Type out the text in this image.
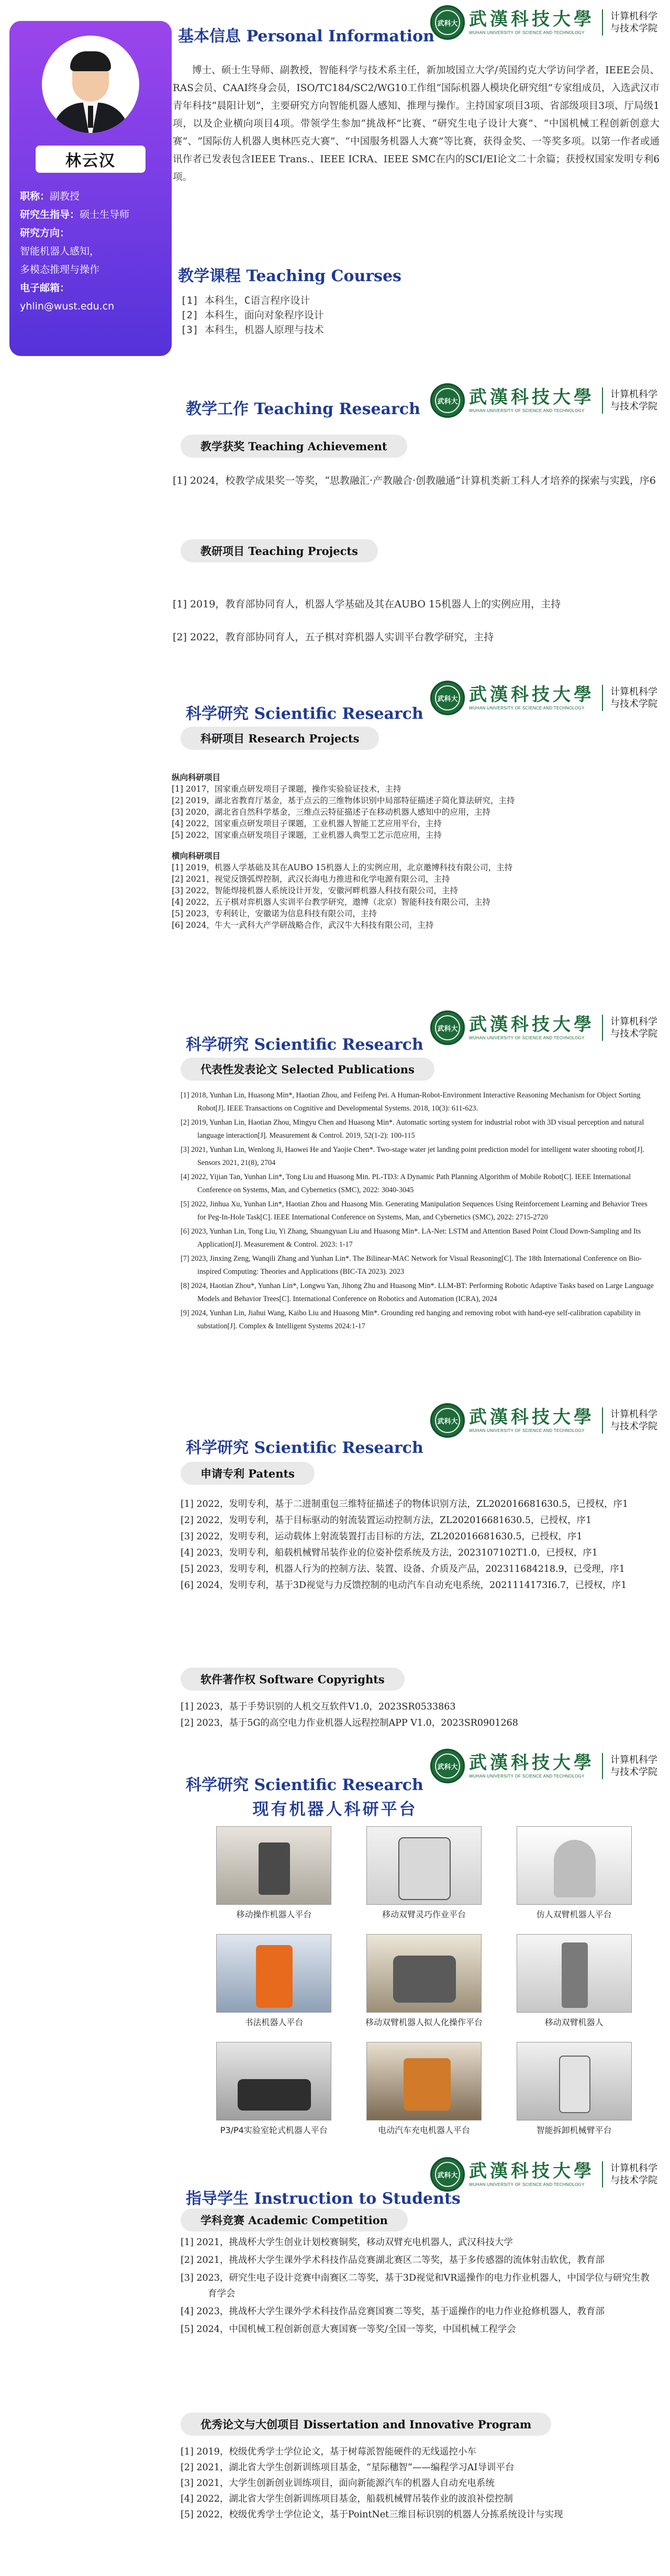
林云汉
职称：副教授
研究生指导：硕士生导师
研究方向：
智能机器人感知，
多模态推理与操作
电子邮箱：
yhlin@wust.edu.cn
武科大 武漢科技大學
WUHAN UNIVERSITY OF SCIENCE AND TECHNOLOGY
计算机科学
与技术学院
基本信息 Personal Information
博士、硕士生导师、副教授，智能科学与技术系主任，新加坡国立大学/英国约克大学访问学者，IEEE会员、RAS会员、CAAI终身会员，ISO/TC184/SC2/WG10工作组“国际机器人模块化研究组”专家组成员，入选武汉市青年科技“晨阳计划”，主要研究方向智能机器人感知、推理与操作。主持国家项目3项、省部级项目3项、厅局级1项，以及企业横向项目4项。带领学生参加“挑战杯”比赛、“研究生电子设计大赛”、“中国机械工程创新创意大赛”、“国际仿人机器人奥林匹克大赛”、“中国服务机器人大赛”等比赛，获得金奖、一等奖多项。以第一作者或通讯作者已发表包含IEEE Trans.、IEEE ICRA、IEEE SMC在内的SCI/EI论文二十余篇；获授权国家发明专利6项。
教学课程 Teaching Courses
[1] 本科生，C语言程序设计
[2] 本科生，面向对象程序设计
[3] 本科生，机器人原理与技术
武科大 武漢科技大學
WUHAN UNIVERSITY OF SCIENCE AND TECHNOLOGY
计算机科学
与技术学院
教学工作 Teaching Research
教学获奖 Teaching Achievement
[1] 2024，校教学成果奖一等奖，“思教融汇·产教融合·创教融通”计算机类新工科人才培养的探索与实践，序6
教研项目 Teaching Projects
[1] 2019，教育部协同育人，机器人学基础及其在AUBO 15机器人上的实例应用，主持
[2] 2022，教育部协同育人，五子棋对弈机器人实训平台教学研究，主持
武科大 武漢科技大學
WUHAN UNIVERSITY OF SCIENCE AND TECHNOLOGY
计算机科学
与技术学院
科学研究 Scientific Research
科研项目 Research Projects
纵向科研项目
[1] 2017，国家重点研发项目子课题，操作实验验证技术，主持
[2] 2019，湖北省教育厅基金，基于点云的三维物体识别中局部特征描述子简化算法研究，主持
[3] 2020，湖北省自然科学基金，三维点云特征描述子在移动机器人感知中的应用，主持
[4] 2022，国家重点研发项目子课题，工业机器人智能工艺应用平台，主持
[5] 2022，国家重点研发项目子课题，工业机器人典型工艺示范应用，主持
横向科研项目
[1] 2019，机器人学基础及其在AUBO 15机器人上的实例应用，北京邀博科技有限公司，主持
[2] 2021，视觉反馈弧焊控制，武汉长海电力推进和化学电源有限公司，主持
[3] 2022，智能焊接机器人系统设计开发，安徽河畔机器人科技有限公司，主持
[4] 2022，五子棋对弈机器人实训平台教学研究，遨博（北京）智能科技有限公司，主持
[5] 2023，专利转让，安徽诺为信息科技有限公司，主持
[6] 2024，牛大一武科大产学研战略合作，武汉牛大科技有限公司，主持
武科大 武漢科技大學
WUHAN UNIVERSITY OF SCIENCE AND TECHNOLOGY
计算机科学
与技术学院
科学研究 Scientific Research
代表性发表论文 Selected Publications
[1] 2018, Yunhan Lin, Huasong Min*, Haotian Zhou, and Feifeng Pei. A Human-Robot-Environment Interactive Reasoning Mechanism for Object Sorting Robot[J]. IEEE Transactions on Cognitive and Developmental Systems. 2018, 10(3): 611-623.
[2] 2019, Yunhan Lin, Haotian Zhou, Mingyu Chen and Huasong Min*. Automatic sorting system for industrial robot with 3D visual perception and natural language interaction[J]. Measurement & Control. 2019, 52(1-2): 100-115
[3] 2021, Yunhan Lin, Wenlong Ji, Haowei He and Yaojie Chen*. Two-stage water jet landing point prediction model for intelligent water shooting robot[J]. Sensors 2021, 21(8), 2704
[4] 2022, Yijian Tan, Yunhan Lin*, Tong Liu and Huasong Min. PL-TD3: A Dynamic Path Planning Algorithm of Mobile Robot[C]. IEEE International Conference on Systems, Man, and Cybernetics (SMC), 2022: 3040-3045
[5] 2022, Jinhua Xu, Yunhan Lin*, Haotian Zhou and Huasong Min. Generating Manipulation Sequences Using Reinforcement Learning and Behavior Trees for Peg-In-Hole Task[C]. IEEE International Conference on Systems, Man, and Cybernetics (SMC), 2022: 2715-2720
[6] 2023, Yunhan Lin, Tong Liu, Yi Zhang, Shuangyuan Liu and Huasong Min*. LA-Net: LSTM and Attention Based Point Cloud Down-Sampling and Its Application[J]. Measurement & Control. 2023: 1-17
[7] 2023, Jinxing Zeng, Wanqili Zhang and Yunhan Lin*. The Bilinear-MAC Network for Visual Reasoning[C]. The 18th International Conference on Bio-inspired Computing: Theories and Applications (BIC-TA 2023). 2023
[8] 2024, Haotian Zhou*, Yunhan Lin*, Longwu Yan, Jihong Zhu and Huasong Min*. LLM-BT: Performing Robotic Adaptive Tasks based on Large Language Models and Behavior Trees[C]. International Conference on Robotics and Automation (ICRA), 2024
[9] 2024, Yunhan Lin, Jiahui Wang, Kaibo Liu and Huasong Min*. Grounding red hanging and removing robot with hand-eye self-calibration capability in substation[J]. Complex & Intelligent Systems 2024:1-17
武科大 武漢科技大學
WUHAN UNIVERSITY OF SCIENCE AND TECHNOLOGY
计算机科学
与技术学院
科学研究 Scientific Research
申请专利 Patents
[1] 2022，发明专利，基于二进制重包三维特征描述子的物体识别方法，ZL202016681630.5，已授权，序1
[2] 2022，发明专利，基于目标驱动的射流装置运动控制方法，ZL202016681630.5，已授权，序1
[3] 2022，发明专利，运动载体上射流装置打击目标的方法，ZL202016681630.5，已授权，序1
[4] 2023，发明专利，船载机械臂吊装作业的位姿补偿系统及方法，2023107102T1.0，已授权，序1
[5] 2023，发明专利，机器人行为的控制方法、装置、设备、介质及产品，202311684218.9，已受理，序1
[6] 2024，发明专利，基于3D视觉与力反馈控制的电动汽车自动充电系统，2021114173I6.7，已授权，序1
软件著作权 Software Copyrights
[1] 2023，基于手势识别的人机交互软件V1.0，2023SR0533863
[2] 2023，基于5G的高空电力作业机器人远程控制APP V1.0，2023SR0901268
武科大 武漢科技大學
WUHAN UNIVERSITY OF SCIENCE AND TECHNOLOGY
计算机科学
与技术学院
科学研究 Scientific Research
现有机器人科研平台
移动操作机器人平台	移动双臂灵巧作业平台	仿人双臂机器人平台
书法机器人平台	移动双臂机器人拟人化操作平台	移动双臂机器人
P3/P4实验室轮式机器人平台	电动汽车充电机器人平台	智能拆卸机械臂平台
武科大 武漢科技大學
WUHAN UNIVERSITY OF SCIENCE AND TECHNOLOGY
计算机科学
与技术学院
指导学生 Instruction to Students
学科竞赛 Academic Competition
[1] 2021，挑战杯大学生创业计划校赛铜奖，移动双臂充电机器人，武汉科技大学
[2] 2021，挑战杯大学生课外学术科技作品竞赛湖北赛区二等奖，基于多传感器的流体射击软优，教育部
[3] 2023，研究生电子设计竞赛中南赛区二等奖，基于3D视觉和VR遥操作的电力作业机器人，中国学位与研究生教育学会
[4] 2023，挑战杯大学生课外学术科技作品竞赛国赛二等奖，基于遥操作的电力作业抢修机器人，教育部
[5] 2024，中国机械工程创新创意大赛国赛一等奖/全国一等奖，中国机械工程学会
优秀论文与大创项目 Dissertation and Innovative Program
[1] 2019，校级优秀学士学位论文，基于树莓派智能硬件的无线遥控小车
[2] 2021，湖北省大学生创新训练项目基金，“星际穗智”——编程学习AI导训平台
[3] 2021，大学生创新创业训练项目，面向新能源汽车的机器人自动充电系统
[4] 2022，湖北省大学生创新训练项目基金，船载机械臂吊装作业的波浪补偿控制
[5] 2022，校级优秀学士学位论文，基于PointNet三维目标识别的机器人分拣系统设计与实现
